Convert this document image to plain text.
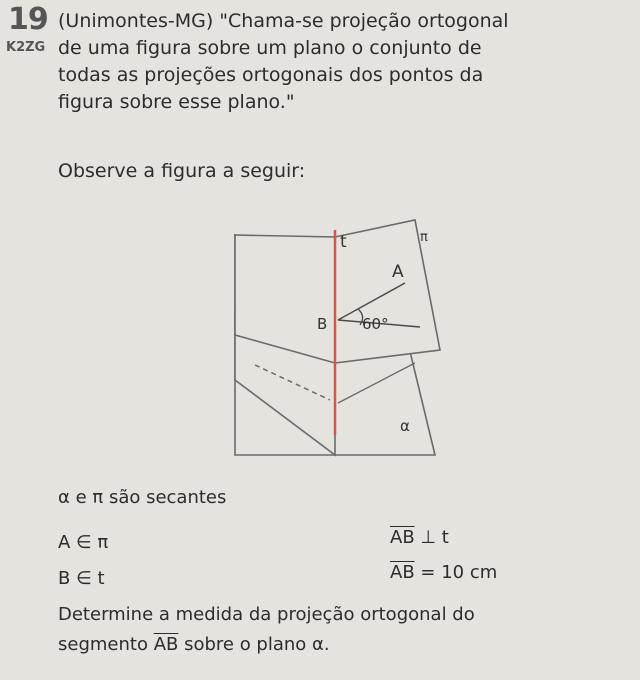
19
K2ZG
(Unimontes-MG) "Chama-se projeção ortogonal
de uma figura sobre um plano o conjunto de
todas as projeções ortogonais dos pontos da
figura sobre esse plano."
Observe a figura a seguir:
t	π
A
B 60°
α
α e π são secantes
A ∈ π
B ∈ t
$\overline{AB}$ ⊥ t
$\overline{AB} = 10$ cm
Determine a medida da projeção ortogonal do
segmento $\overline{AB}$ sobre o plano α.
